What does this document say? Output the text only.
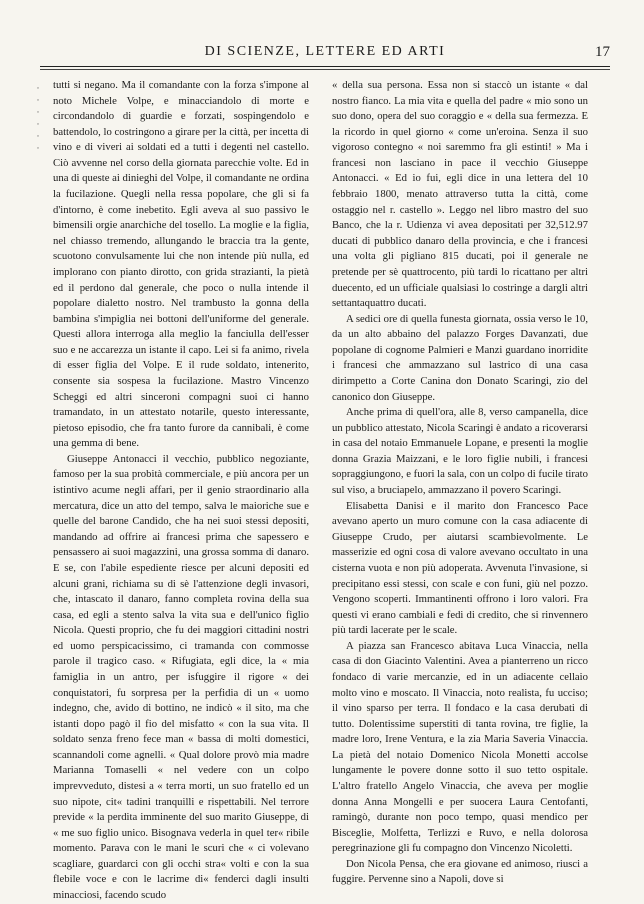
DI SCIENZE, LETTERE ED ARTI	17
·
·
·
·
·
·

tutti si negano. Ma il comandante con la forza s'impone al noto Michele Volpe, e minacciandolo di morte e circondandolo di guardie e forzati, sospingendolo e battendolo, lo costringono a girare per la città, per incetta di vino e di viveri ai soldati ed a tutti i degenti nel castello. Ciò avvenne nel corso della giornata parecchie volte. Ed in una di queste ai dinieghi del Volpe, il comandante ne ordina la fucilazione. Quegli nella ressa popolare, che gli si fa d'intorno, è come inebetito. Egli aveva al suo passivo le bimensili orgie anarchiche del tosello. La moglie e la figlia, nel chiasso tremendo, allungando le braccia tra la gente, scuotono convulsamente lui che non intende più nulla, ed implorano con pianto dirotto, con grida strazianti, la pietà ed il perdono dal generale, che poco o nulla intende il popolare dialetto nostro. Nel trambusto la gonna della bambina s'impiglia nei bottoni dell'uniforme del generale. Questi allora interroga alla meglio la fanciulla dell'esser suo e ne accarezza un istante il capo. Lei si fa animo, rivela di esser figlia del Volpe. E il rude soldato, intenerito, consente sia sospesa la fucilazione. Mastro Vincenzo Scheggi ed altri sinceroni compagni suoi ci hanno tramandato, in un attestato notarile, questo interessante, pietoso episodio, che fra tanto furore da cannibali, è come una gemma di bene.

Giuseppe Antonacci il vecchio, pubblico negoziante, famoso per la sua probità commerciale, e più ancora per un istintivo acume negli affari, per il genio straordinario alla mercatura, dice un atto del tempo, salva le maioriche sue e quelle del barone Candido, che ha nei suoi stessi depositi, mandando ad offrire ai francesi prima che sapessero e pensassero ai suoi magazzini, una grossa somma di danaro. E se, con l'abile espediente riesce per alcuni depositi ed alcuni grani, richiama su di sè l'attenzione degli invasori, che, intascato il danaro, fanno completa rovina della sua casa, ed egli a stento salva la vita sua e dell'unico figlio Nicola. Questi proprio, che fu dei maggiori cittadini nostri ed uomo perspicacissimo, ci tramanda con commosse parole il tragico caso. « Rifugiata, egli dice, la « mia famiglia in un antro, per isfuggire il rigore « dei conquistatori, fu sorpresa per la perfidia di un « uomo indegno, che, avido di bottino, ne indicò « il sito, ma che istanti dopo pagò il fio del misfatto « con la sua vita. Il soldato senza freno fece man « bassa di molti domestici, scannandoli come agnelli. « Qual dolore provò mia madre Marianna Tomaselli « nel vedere con un colpo imprevveduto, distesi a « terra morti, un suo fratello ed un suo nipote, cit« tadini tranquilli e rispettabili. Nel terrore previde « la perdita imminente del suo marito Giuseppe, di « me suo figlio unico. Bisognava vederla in quel ter« ribile momento. Parava con le mani le scuri che « ci volevano scagliare, guardarci con gli occhi stra« volti e con la sua flebile voce e con le lacrime di« fenderci dagli insulti minacciosi, facendo scudo

« della sua persona. Essa non si staccò un istante « dal nostro fianco. La mia vita e quella del padre « mio sono un suo dono, opera del suo coraggio e « della sua fermezza. E la ricordo in quel giorno « come un'eroina. Senza il suo vigoroso contegno « noi saremmo fra gli estinti! » Ma i francesi non lasciano in pace il vecchio Giuseppe Antonacci. « Ed io fui, egli dice in una lettera del 10 febbraio 1800, menato attraverso tutta la città, come ostaggio nel r. castello ». Leggo nel libro mastro del suo Banco, che la r. Udienza vi avea depositati per 32,512.97 ducati di pubblico danaro della provincia, e che i francesi una volta gli pigliano 815 ducati, poi il generale ne pretende per sè quattrocento, più tardi lo ricattano per altri duecento, ed un ufficiale qualsiasi lo costringe a dargli altri settantaquattro ducati.

A sedici ore di quella funesta giornata, ossia verso le 10, da un alto abbaino del palazzo Forges Davanzati, due popolane di cognome Palmieri e Manzi guardano inorridite i francesi che ammazzano sul lastrico di una casa dirimpetto a Corte Canina don Donato Scaringi, zio del canonico don Giuseppe.

Anche prima di quell'ora, alle 8, verso campanella, dice un pubblico attestato, Nicola Scaringi è andato a ricoverarsi in casa del notaio Emmanuele Lopane, e presenti la moglie donna Grazia Maizzani, e le loro figlie nubili, i francesi sopraggiungono, e fuori la sala, con un colpo di fucile tirato sul viso, a bruciapelo, ammazzano il povero Scaringi.

Elisabetta Danisi e il marito don Francesco Pace avevano aperto un muro comune con la casa adiacente di Giuseppe Crudo, per aiutarsi scambievolmente. Le masserizie ed ogni cosa di valore avevano occultato in una cisterna vuota e non più adoperata. Avvenuta l'invasione, si precipitano essi stessi, con scale e con funi, giù nel pozzo. Vengono scoperti. Immantinenti offrono i loro valori. Fra questi vi erano cambiali e fedi di credito, che si rinvennero più tardi lacerate per le scale.

A piazza san Francesco abitava Luca Vinaccia, nella casa di don Giacinto Valentini. Avea a pianterreno un ricco fondaco di varie mercanzie, ed in un adiacente cellaio molto vino e moscato. Il Vinaccia, noto realista, fu ucciso; il vino sparso per terra. Il fondaco e la casa derubati di tutto. Dolentissime superstiti di tanta rovina, tre figlie, la madre loro, Irene Ventura, e la zia Maria Saveria Vinaccia. La pietà del notaio Domenico Nicola Monetti accolse lungamente le povere donne sotto il suo tetto ospitale. L'altro fratello Angelo Vinaccia, che aveva per moglie donna Anna Mongelli e per suocera Laura Centofanti, ramingò, durante non poco tempo, quasi mendico per Bisceglie, Molfetta, Terlizzi e Ruvo, e nella dolorosa peregrinazione gli fu compagno don Vincenzo Nicoletti.

Don Nicola Pensa, che era giovane ed animoso, riusci a fuggire. Pervenne sino a Napoli, dove si
